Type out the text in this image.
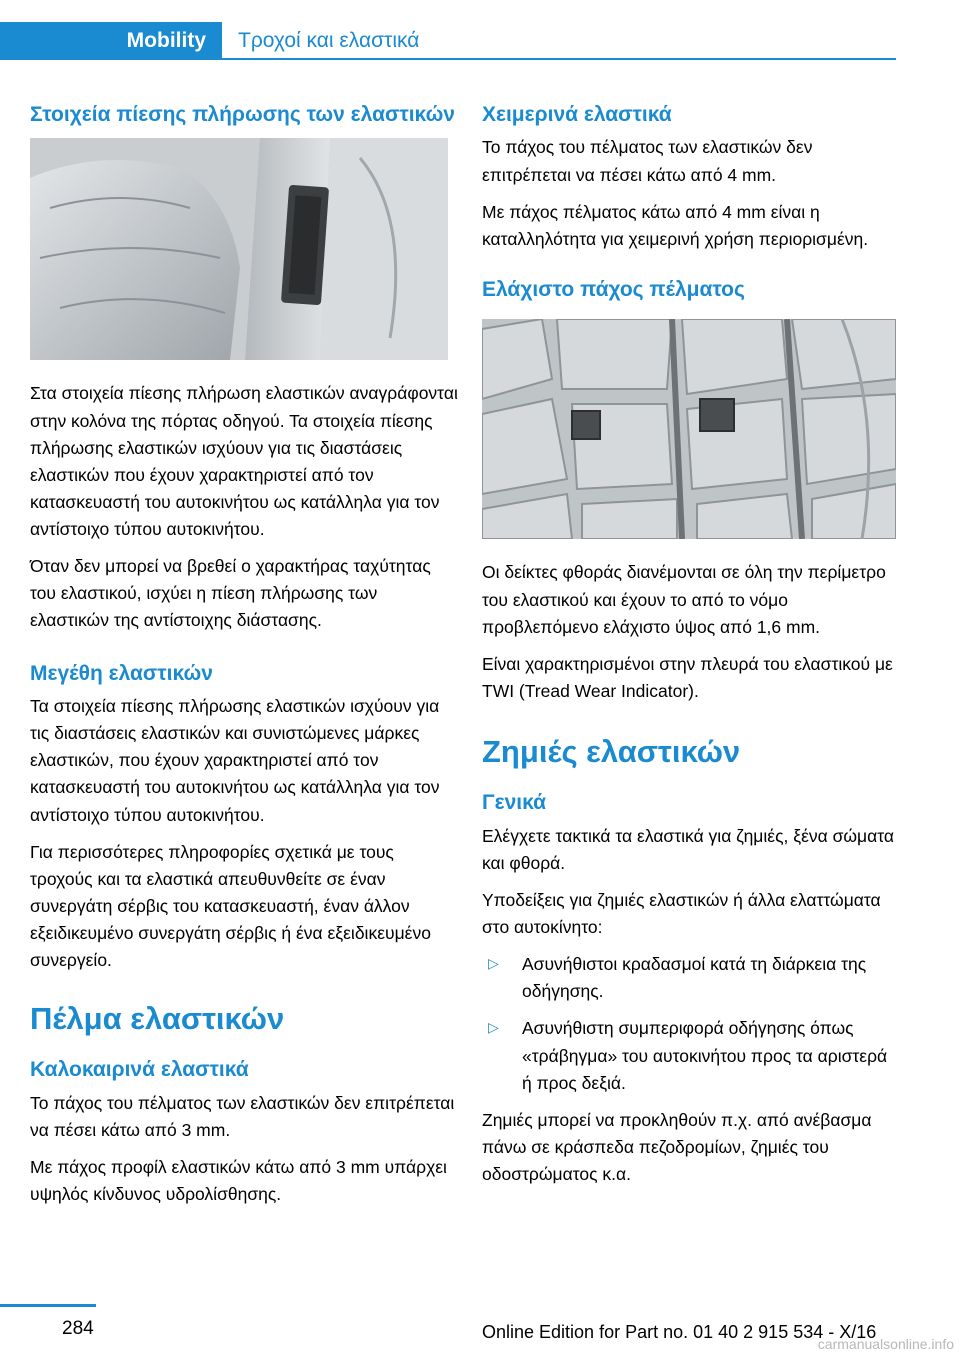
Mobility	Τροχοί και ελαστικά
Στοιχεία πίεσης πλήρωσης των ελαστικών

Στα στοιχεία πίεσης πλήρωση ελαστικών αναγράφονται στην κολόνα της πόρτας οδηγού. Τα στοιχεία πίεσης πλήρωσης ελαστικών ισχύουν για τις διαστάσεις ελαστικών που έχουν χαρακτηριστεί από τον κατασκευαστή του αυτοκινήτου ως κατάλληλα για τον αντίστοιχο τύπου αυτοκινήτου.

Όταν δεν μπορεί να βρεθεί ο χαρακτήρας ταχύτητας του ελαστικού, ισχύει η πίεση πλήρωσης των ελαστικών της αντίστοιχης διάστασης.

Μεγέθη ελαστικών

Τα στοιχεία πίεσης πλήρωσης ελαστικών ισχύουν για τις διαστάσεις ελαστικών και συνιστώμενες μάρκες ελαστικών, που έχουν χαρακτηριστεί από τον κατασκευαστή του αυτοκινήτου ως κατάλληλα για τον αντίστοιχο τύπου αυτοκινήτου.

Για περισσότερες πληροφορίες σχετικά με τους τροχούς και τα ελαστικά απευθυνθείτε σε έναν συνεργάτη σέρβις του κατασκευαστή, έναν άλλον εξειδικευμένο συνεργάτη σέρβις ή ένα εξειδικευμένο συνεργείο.

Πέλμα ελαστικών
Καλοκαιρινά ελαστικά

Το πάχος του πέλματος των ελαστικών δεν επιτρέπεται να πέσει κάτω από 3 mm.

Με πάχος προφίλ ελαστικών κάτω από 3 mm υπάρχει υψηλός κίνδυνος υδρολίσθησης.

Χειμερινά ελαστικά

Το πάχος του πέλματος των ελαστικών δεν επιτρέπεται να πέσει κάτω από 4 mm.

Με πάχος πέλματος κάτω από 4 mm είναι η καταλληλότητα για χειμερινή χρήση περιορισμένη.

Ελάχιστο πάχος πέλματος

Οι δείκτες φθοράς διανέμονται σε όλη την περίμετρο του ελαστικού και έχουν το από το νόμο προβλεπόμενο ελάχιστο ύψος από 1,6 mm.

Είναι χαρακτηρισμένοι στην πλευρά του ελαστικού με TWI (Tread Wear Indicator).

Ζημιές ελαστικών
Γενικά

Ελέγχετε τακτικά τα ελαστικά για ζημιές, ξένα σώματα και φθορά.

Υποδείξεις για ζημιές ελαστικών ή άλλα ελαττώματα στο αυτοκίνητο:

▷ Ασυνήθιστοι κραδασμοί κατά τη διάρκεια της οδήγησης.
▷ Ασυνήθιστη συμπεριφορά οδήγησης όπως «τράβηγμα» του αυτοκινήτου προς τα αριστερά ή προς δεξιά.

Ζημιές μπορεί να προκληθούν π.χ. από ανέβασμα πάνω σε κράσπεδα πεζοδρομίων, ζημιές του οδοστρώματος κ.α.

284	Online Edition for Part no. 01 40 2 915 534 - X/16
carmanualsonline.info
